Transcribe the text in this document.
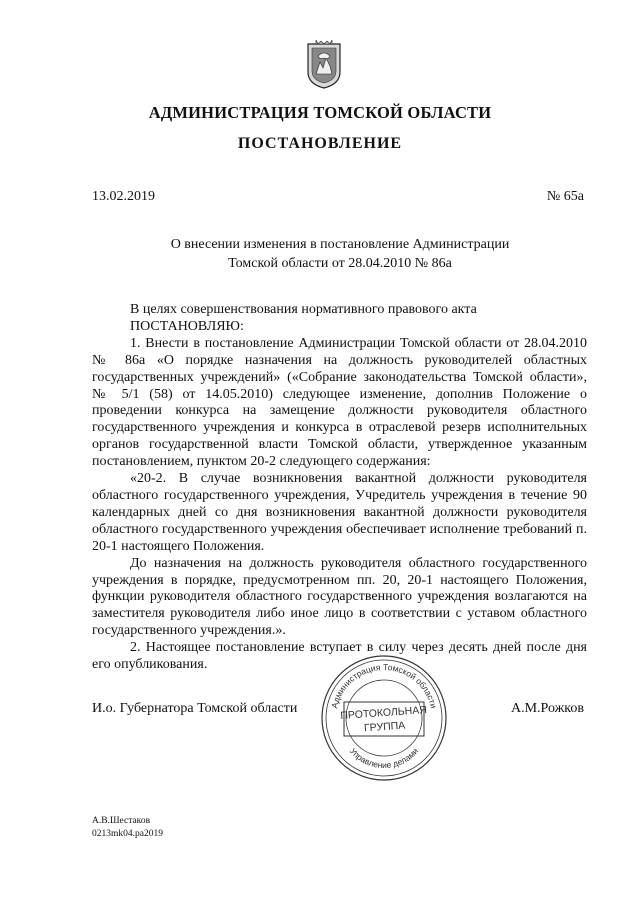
АДМИНИСТРАЦИЯ ТОМСКОЙ ОБЛАСТИ
ПОСТАНОВЛЕНИЕ
13.02.2019	№ 65а
О внесении изменения в постановление Администрации
Томской области от 28.04.2010 № 86а

В целях совершенствования нормативного правового акта

ПОСТАНОВЛЯЮ:

1. Внести в постановление Администрации Томской области от 28.04.2010 № 86а «О порядке назначения на должность руководителей областных государственных учреждений» («Собрание законодательства Томской области», № 5/1 (58) от 14.05.2010) следующее изменение, дополнив Положение о проведении конкурса на замещение должности руководителя областного государственного учреждения и конкурса в отраслевой резерв исполнительных органов государственной власти Томской области, утвержденное указанным постановлением, пунктом 20-2 следующего содержания:

«20-2. В случае возникновения вакантной должности руководителя областного государственного учреждения, Учредитель учреждения в течение 90 календарных дней со дня возникновения вакантной должности руководителя областного государственного учреждения обеспечивает исполнение требований п. 20-1 настоящего Положения.

До назначения на должность руководителя областного государственного учреждения в порядке, предусмотренном пп. 20, 20-1 настоящего Положения, функции руководителя областного государственного учреждения возлагаются на заместителя руководителя либо иное лицо в соответствии с уставом областного государственного учреждения.».

2. Настоящее постановление вступает в силу через десять дней после дня его опубликования.

И.о. Губернатора Томской области	А.М.Рожков
Администрация Томской области
Управление делами
ПРОТОКОЛЬНАЯ
ГРУППА
А.В.Шестаков
0213mk04.pa2019
